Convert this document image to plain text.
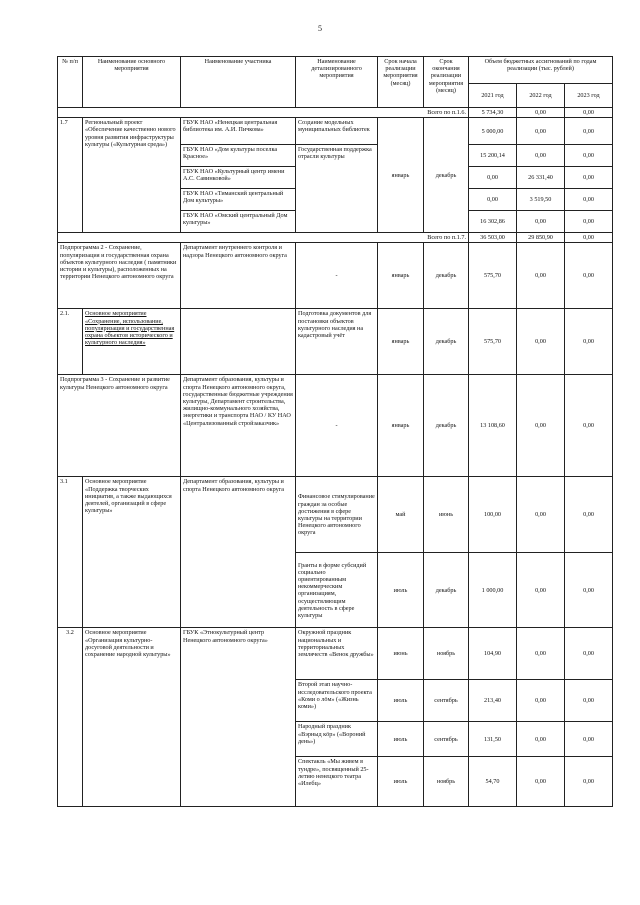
5
№ п/п	Наименование основного мероприятия	Наименование участника	Наименование детализированного мероприятия	Срок начала реализации мероприятия (месяц)	Срок окончания реализации мероприятия (месяц)	Объем бюджетных ассигнований по годам реализации (тыс. рублей)		
						2021 год	2022 год	2023 год
Всего по п.1.6.						5 734,30	0,00	0,00
1.7	Региональный проект «Обеспечение качественно нового уровня развития инфраструктуры культуры («Культурная среда»)	ГБУК НАО «Ненецкая центральная библиотека им. А.И. Пичкова»	Создание модельных муниципальных библиотек	январь	декабрь	5 000,00	0,00	0,00
		ГБУК НАО «Дом культуры поселка Красное»	Государственная поддержка отрасли культуры			15 200,14	0,00	0,00
		ГБУК НАО «Культурный центр имени А.С. Савинковой»				0,00	26 331,40	0,00
		ГБУК НАО «Тиманский центральный Дом культуры»				0,00	3 519,50	0,00
		ГБУК НАО «Омский центральный Дом культуры»				16 302,86	0,00	0,00
Всего по п.1.7.						36 503,00	29 850,90	0,00
Подпрограмма 2 - Сохранение, популяризация и государственная охрана объектов культурного наследия ( памятники истории и культуры), расположенных на территории Ненецкого автономного округа		Департамент внутреннего контроля и надзора Ненецкого автономного округа	-	январь	декабрь	575,70	0,00	0,00
2.1.	Основное мероприятие «Сохранение, использование, популяризация и государственная охрана объектов исторического и культурного наследия»		Подготовка документов для постановки объектов культурного наследия на кадастровый учёт	январь	декабрь	575,70	0,00	0,00
Подпрограмма 3 - Сохранение и развитие культуры Ненецкого автономного округа		Департамент образования, культуры и спорта Ненецкого автономного округа, государственные бюджетные учреждения культуры, Департамент строительства, жилищно-коммунального хозяйства, энергетики и транспорта НАО / КУ НАО «Централизованный стройзаказчик»	-	январь	декабрь	13 108,60	0,00	0,00
3.1	Основное мероприятие «Поддержка творческих инициатив, а также выдающихся деятелей, организаций в сфере культуры»	Департамент образования, культуры и спорта Ненецкого автономного округа	Финансовое стимулирование граждан за особые достижения в сфере культуры на территории Ненецкого автономного округа	май	июнь	100,00	0,00	0,00
			Гранты в форме субсидий социально ориентированным некоммерческим организациям, осуществляющим деятельность в сфере культуры	июль	декабрь	1 000,00	0,00	0,00
3.2	Основное мероприятие «Организация культурно-досуговой деятельности и сохранение народной культуры»	ГБУК «Этнокультурный центр Ненецкого автономного округа»	Окружной праздник национальных и территориальных землячеств «Венок дружбы»	июнь	ноябрь	104,90	0,00	0,00
			Второй этап научно-исследовательского проекта «Коми о лöм» («Жизнь коми»)	июль	сентябрь	213,40	0,00	0,00
			Народный праздник «Вэрныд кöр» («Вороний день»)	июль	сентябрь	131,50	0,00	0,00
			Спектакль «Мы живем в тундре», посвященный 25-летию ненецкого театра «Илебц»	июль	ноябрь	54,70	0,00	0,00
